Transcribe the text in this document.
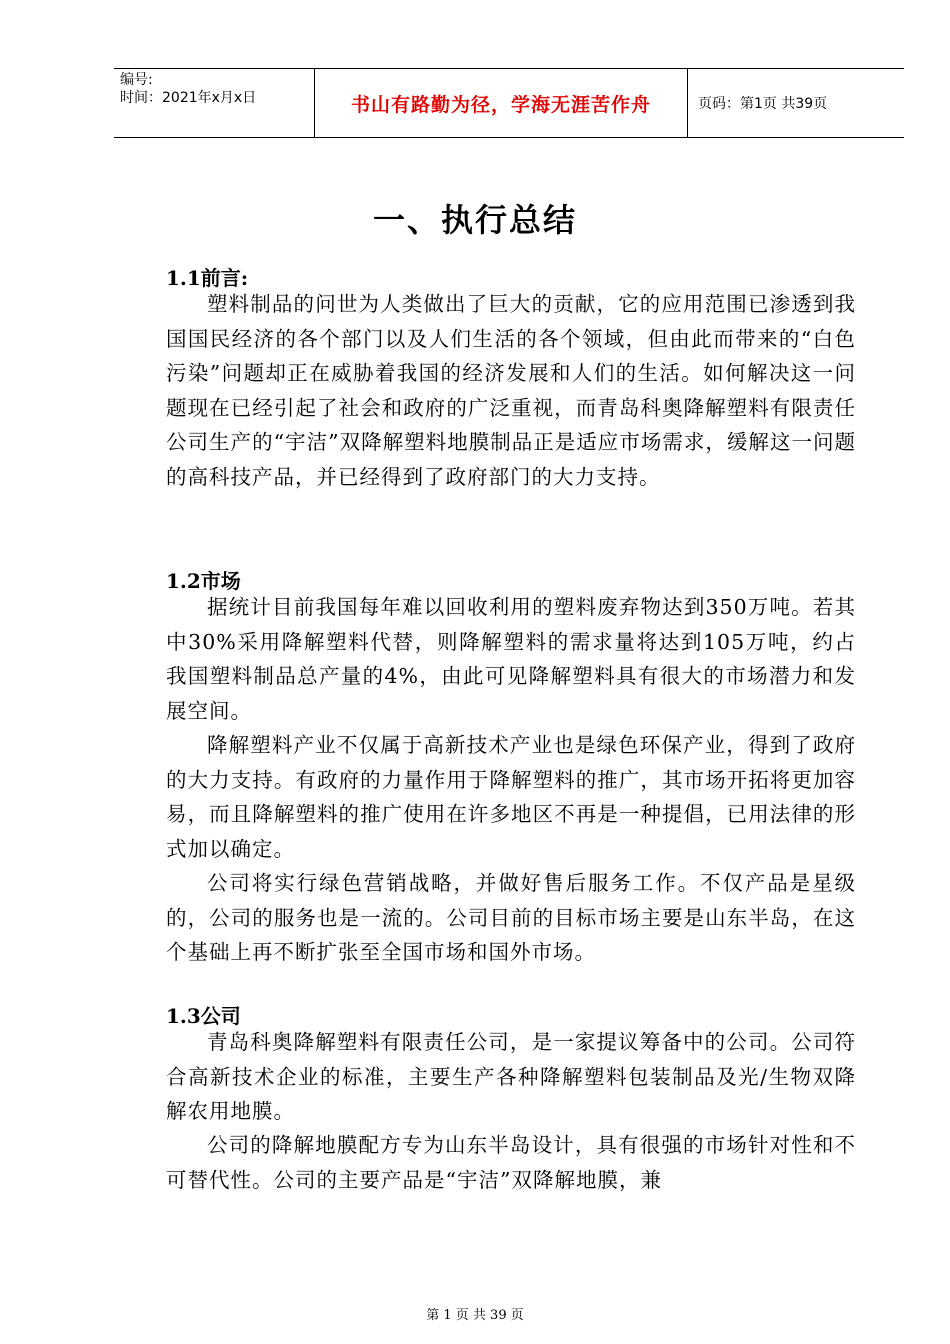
编号:
时间：2021年x月x日	书山有路勤为径，学海无涯苦作舟	页码：第1页 共39页
一、执行总结
1.1前言:

塑料制品的问世为人类做出了巨大的贡献，它的应用范围已渗透到我国国民经济的各个部门以及人们生活的各个领域，但由此而带来的“白色污染”问题却正在威胁着我国的经济发展和人们的生活。如何解决这一问题现在已经引起了社会和政府的广泛重视，而青岛科奥降解塑料有限责任公司生产的“宇洁”双降解塑料地膜制品正是适应市场需求，缓解这一问题的高科技产品，并已经得到了政府部门的大力支持。

1.2市场

据统计目前我国每年难以回收利用的塑料废弃物达到350万吨。若其中30%采用降解塑料代替，则降解塑料的需求量将达到105万吨，约占我国塑料制品总产量的4%，由此可见降解塑料具有很大的市场潜力和发展空间。

降解塑料产业不仅属于高新技术产业也是绿色环保产业，得到了政府的大力支持。有政府的力量作用于降解塑料的推广，其市场开拓将更加容易，而且降解塑料的推广使用在许多地区不再是一种提倡，已用法律的形式加以确定。

公司将实行绿色营销战略，并做好售后服务工作。不仅产品是星级的，公司的服务也是一流的。公司目前的目标市场主要是山东半岛，在这个基础上再不断扩张至全国市场和国外市场。

1.3公司

青岛科奥降解塑料有限责任公司，是一家提议筹备中的公司。公司符合高新技术企业的标准，主要生产各种降解塑料包装制品及光/生物双降解农用地膜。

公司的降解地膜配方专为山东半岛设计，具有很强的市场针对性和不可替代性。公司的主要产品是“宇洁”双降解地膜，兼

第 1 页 共 39 页
